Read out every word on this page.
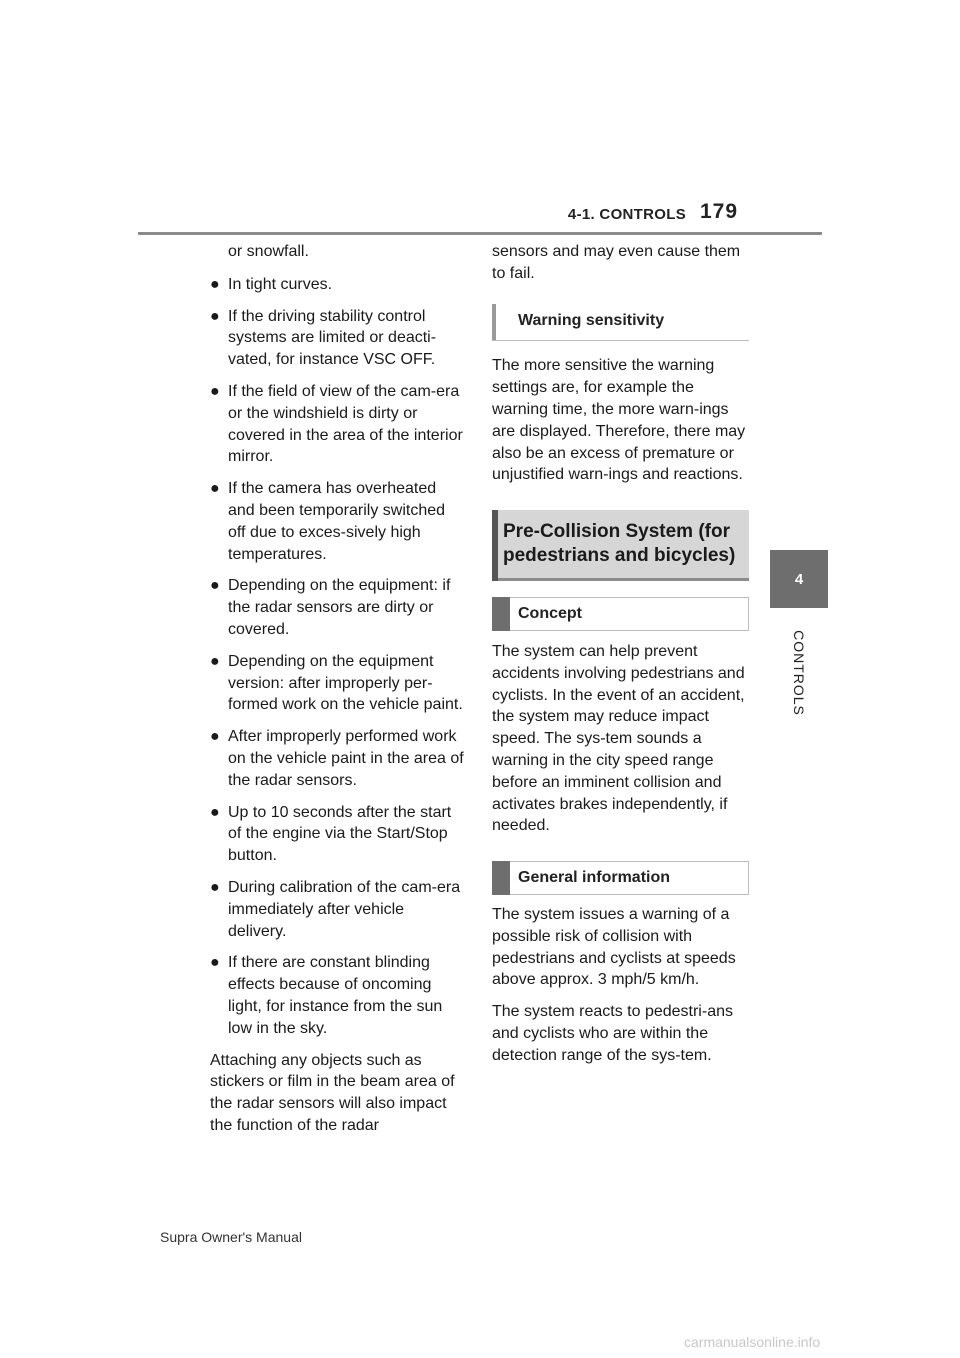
4-1. CONTROLS 179
4
CONTROLS
or snowfall.
● In tight curves.
● If the driving stability control systems are limited or deacti-vated, for instance VSC OFF.
● If the field of view of the cam-era or the windshield is dirty or covered in the area of the interior mirror.
● If the camera has overheated and been temporarily switched off due to exces-sively high temperatures.
● Depending on the equipment: if the radar sensors are dirty or covered.
● Depending on the equipment version: after improperly per-formed work on the vehicle paint.
● After improperly performed work on the vehicle paint in the area of the radar sensors.
● Up to 10 seconds after the start of the engine via the Start/Stop button.
● During calibration of the cam-era immediately after vehicle delivery.
● If there are constant blinding effects because of oncoming light, for instance from the sun low in the sky.
Attaching any objects such as stickers or film in the beam area of the radar sensors will also impact the function of the radar
sensors and may even cause them to fail.
Warning sensitivity
The more sensitive the warning settings are, for example the warning time, the more warn-ings are displayed. Therefore, there may also be an excess of premature or unjustified warn-ings and reactions.
Pre-Collision System (for pedestrians and bicycles)
Concept
The system can help prevent accidents involving pedestrians and cyclists. In the event of an accident, the system may reduce impact speed. The sys-tem sounds a warning in the city speed range before an imminent collision and activates brakes independently, if needed.
General information
The system issues a warning of a possible risk of collision with pedestrians and cyclists at speeds above approx. 3 mph/5 km/h.
The system reacts to pedestri-ans and cyclists who are within the detection range of the sys-tem.
Supra Owner's Manual
carmanualsonline.info
